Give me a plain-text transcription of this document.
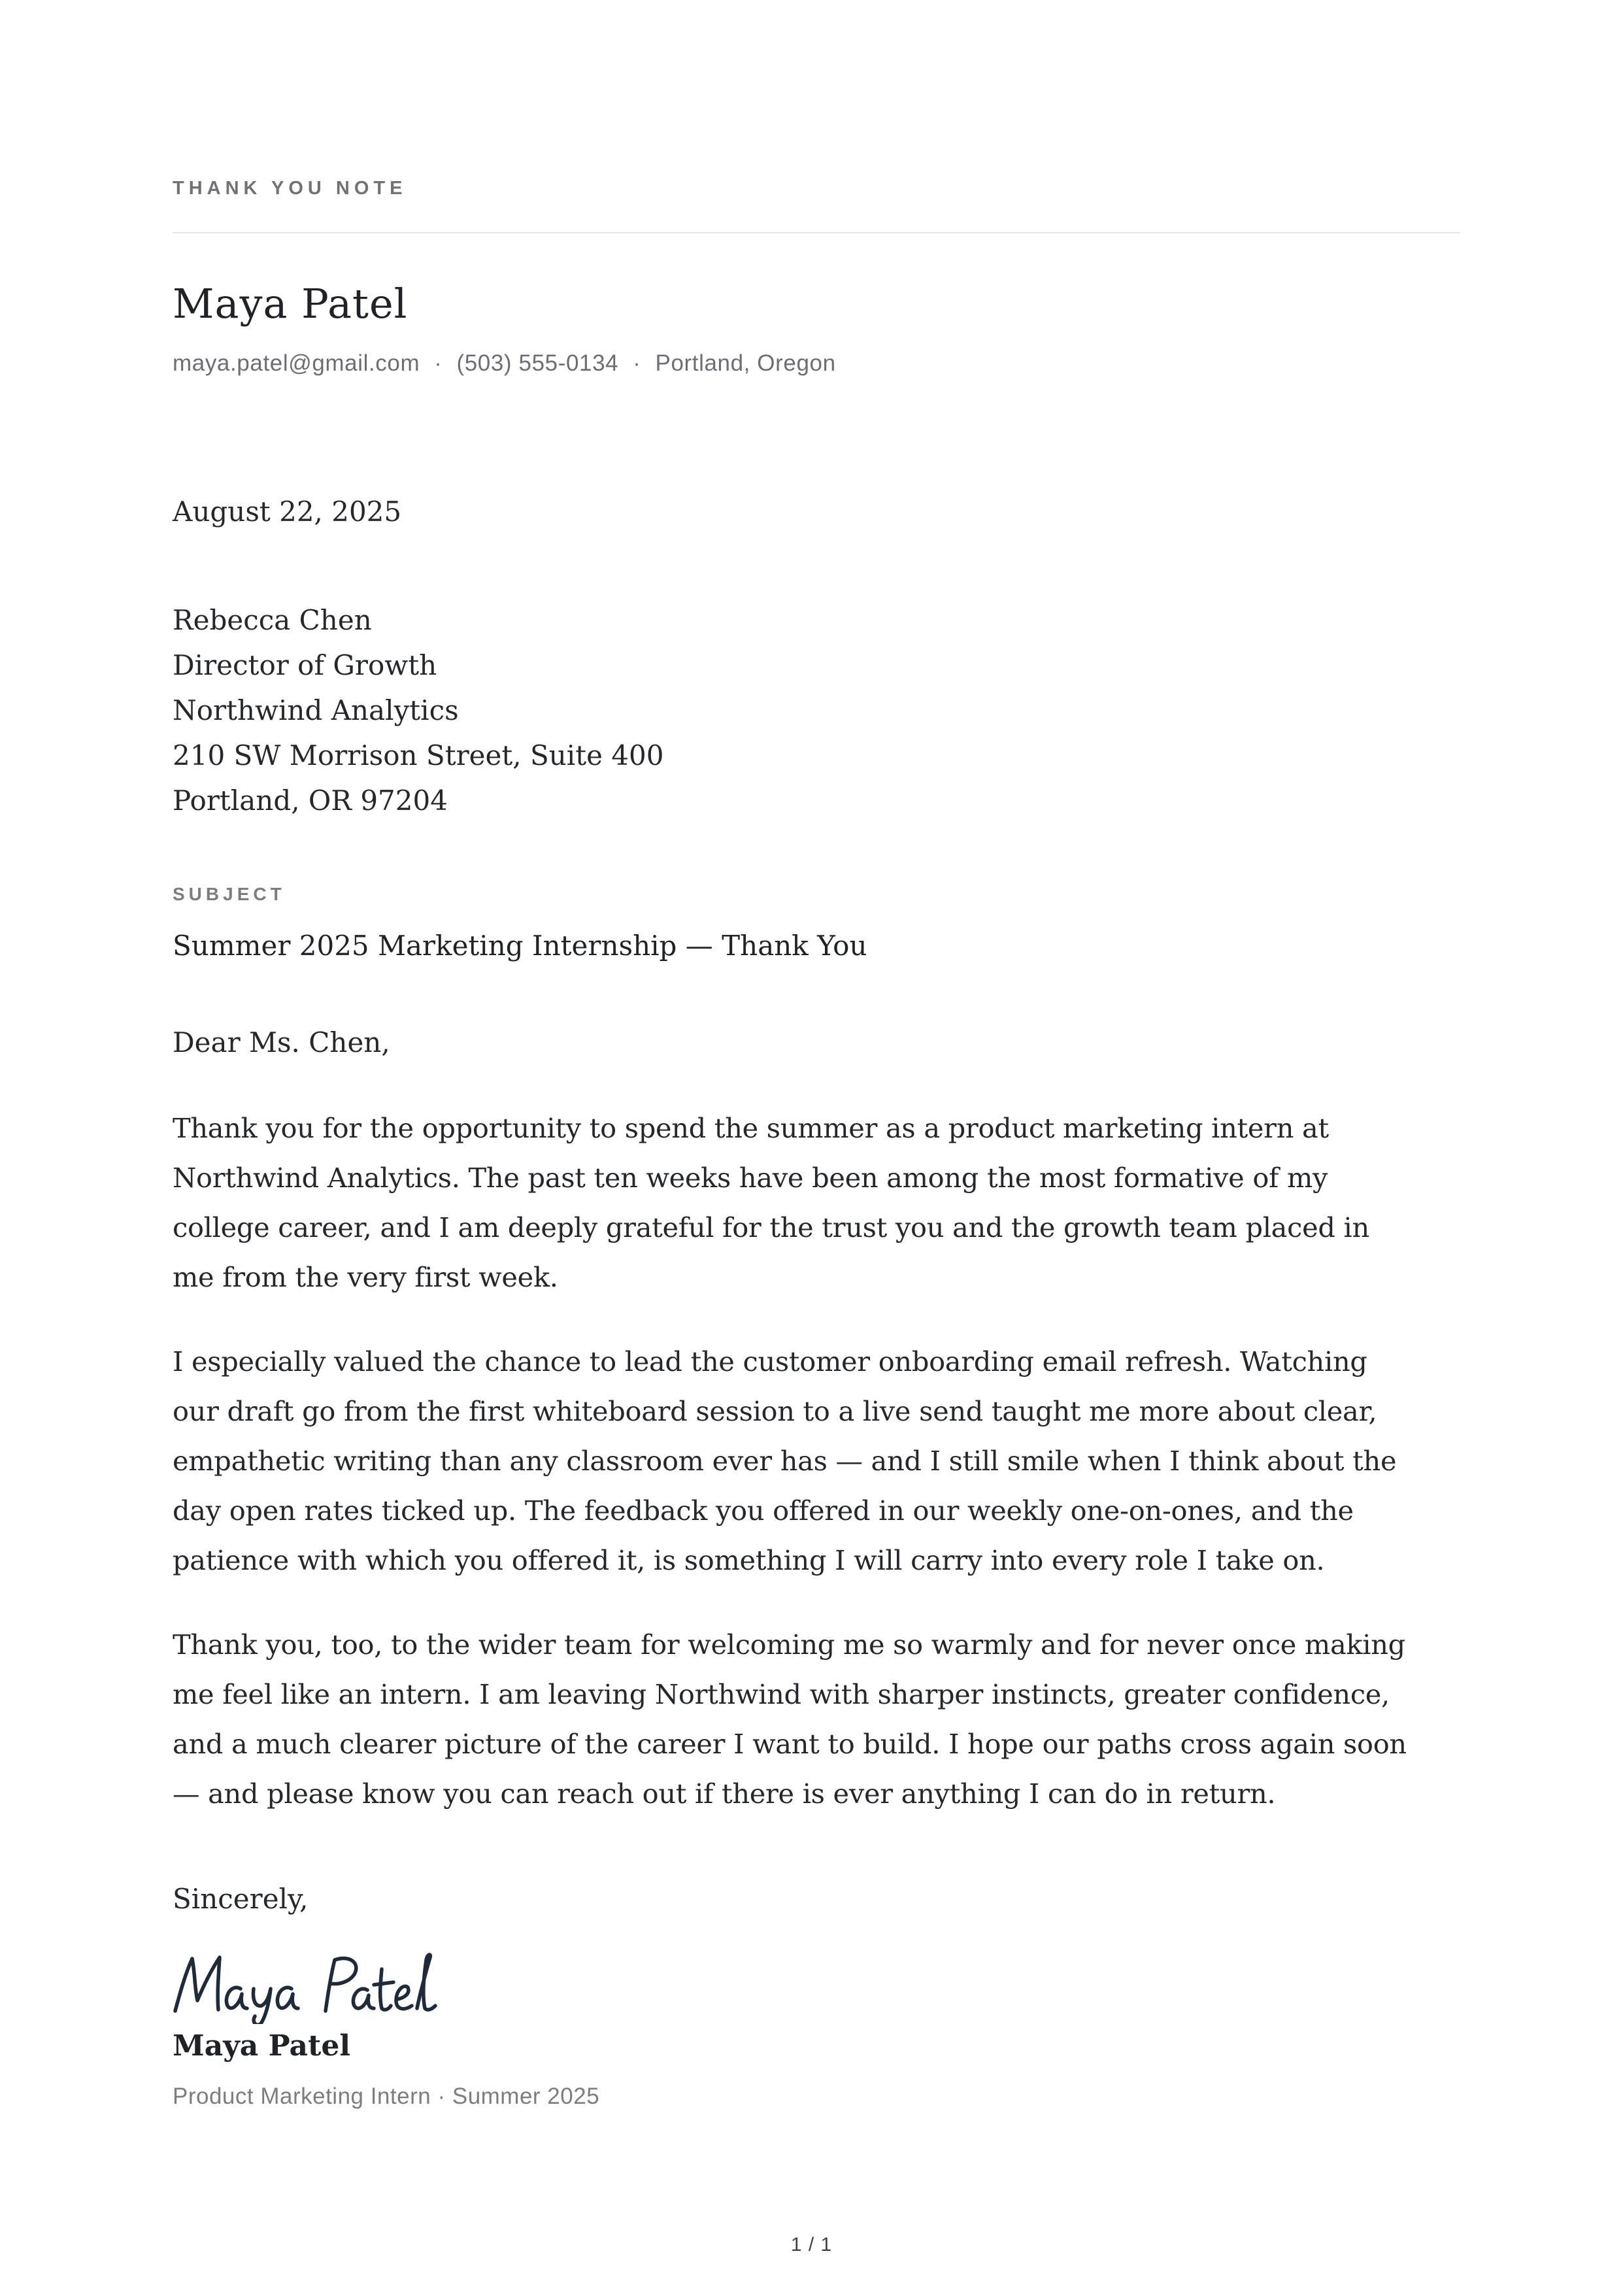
THANK YOU NOTE
Maya Patel
maya.patel@gmail.com · (503) 555-0134 · Portland, Oregon
August 22, 2025
Rebecca Chen
Director of Growth
Northwind Analytics
210 SW Morrison Street, Suite 400
Portland, OR 97204
SUBJECT
Summer 2025 Marketing Internship — Thank You
Dear Ms. Chen,
Thank you for the opportunity to spend the summer as a product marketing intern at
Northwind Analytics. The past ten weeks have been among the most formative of my
college career, and I am deeply grateful for the trust you and the growth team placed in
me from the very first week.
I especially valued the chance to lead the customer onboarding email refresh. Watching
our draft go from the first whiteboard session to a live send taught me more about clear,
empathetic writing than any classroom ever has — and I still smile when I think about the
day open rates ticked up. The feedback you offered in our weekly one-on-ones, and the
patience with which you offered it, is something I will carry into every role I take on.
Thank you, too, to the wider team for welcoming me so warmly and for never once making
me feel like an intern. I am leaving Northwind with sharper instincts, greater confidence,
and a much clearer picture of the career I want to build. I hope our paths cross again soon
— and please know you can reach out if there is ever anything I can do in return.
Sincerely,
Maya Patel
Product Marketing Intern · Summer 2025
1 / 1
